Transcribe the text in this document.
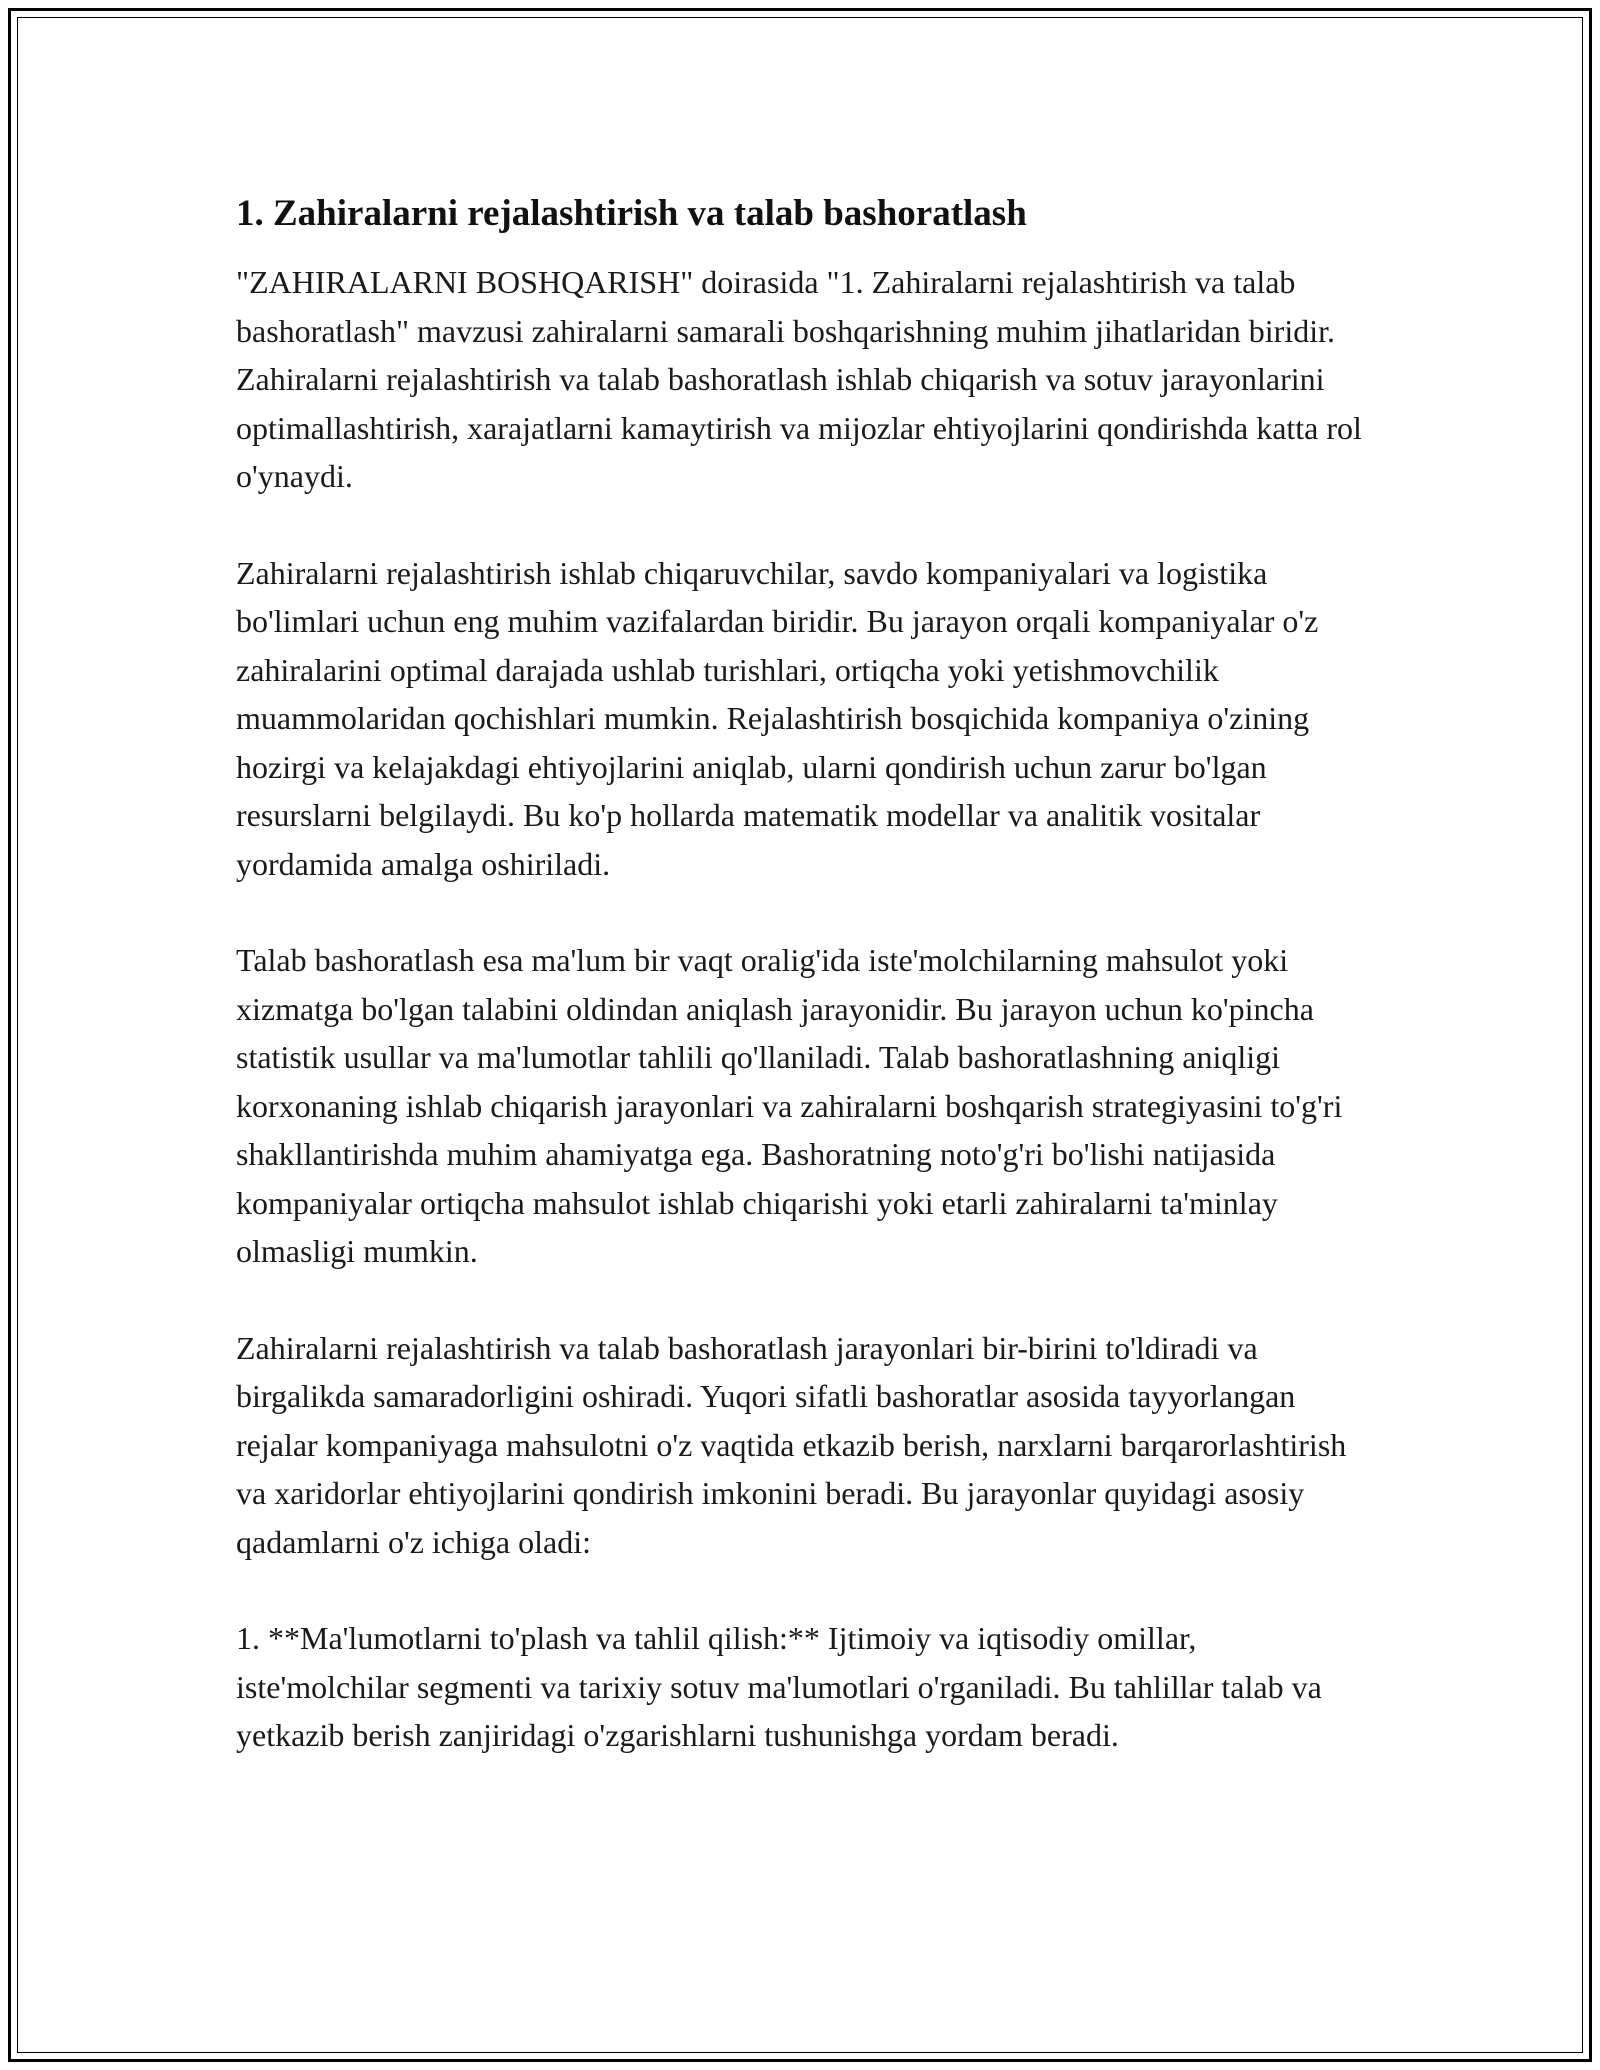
1. Zahiralarni rejalashtirish va talab bashoratlash

"ZAHIRALARNI BOSHQARISH" doirasida "1. Zahiralarni rejalashtirish va talab bashoratlash" mavzusi zahiralarni samarali boshqarishning muhim jihatlaridan biridir. Zahiralarni rejalashtirish va talab bashoratlash ishlab chiqarish va sotuv jarayonlarini optimallashtirish, xarajatlarni kamaytirish va mijozlar ehtiyojlarini qondirishda katta rol o'ynaydi.

Zahiralarni rejalashtirish ishlab chiqaruvchilar, savdo kompaniyalari va logistika bo'limlari uchun eng muhim vazifalardan biridir. Bu jarayon orqali kompaniyalar o'z zahiralarini optimal darajada ushlab turishlari, ortiqcha yoki yetishmovchilik muammolaridan qochishlari mumkin. Rejalashtirish bosqichida kompaniya o'zining hozirgi va kelajakdagi ehtiyojlarini aniqlab, ularni qondirish uchun zarur bo'lgan resurslarni belgilaydi. Bu ko'p hollarda matematik modellar va analitik vositalar yordamida amalga oshiriladi.

Talab bashoratlash esa ma'lum bir vaqt oralig'ida iste'molchilarning mahsulot yoki xizmatga bo'lgan talabini oldindan aniqlash jarayonidir. Bu jarayon uchun ko'pincha statistik usullar va ma'lumotlar tahlili qo'llaniladi. Talab bashoratlashning aniqligi korxonaning ishlab chiqarish jarayonlari va zahiralarni boshqarish strategiyasini to'g'ri shakllantirishda muhim ahamiyatga ega. Bashoratning noto'g'ri bo'lishi natijasida kompaniyalar ortiqcha mahsulot ishlab chiqarishi yoki etarli zahiralarni ta'minlay olmasligi mumkin.

Zahiralarni rejalashtirish va talab bashoratlash jarayonlari bir-birini to'ldiradi va birgalikda samaradorligini oshiradi. Yuqori sifatli bashoratlar asosida tayyorlangan rejalar kompaniyaga mahsulotni o'z vaqtida etkazib berish, narxlarni barqarorlashtirish va xaridorlar ehtiyojlarini qondirish imkonini beradi. Bu jarayonlar quyidagi asosiy qadamlarni o'z ichiga oladi:

1. **Ma'lumotlarni to'plash va tahlil qilish:** Ijtimoiy va iqtisodiy omillar, iste'molchilar segmenti va tarixiy sotuv ma'lumotlari o'rganiladi. Bu tahlillar talab va yetkazib berish zanjiridagi o'zgarishlarni tushunishga yordam beradi.
